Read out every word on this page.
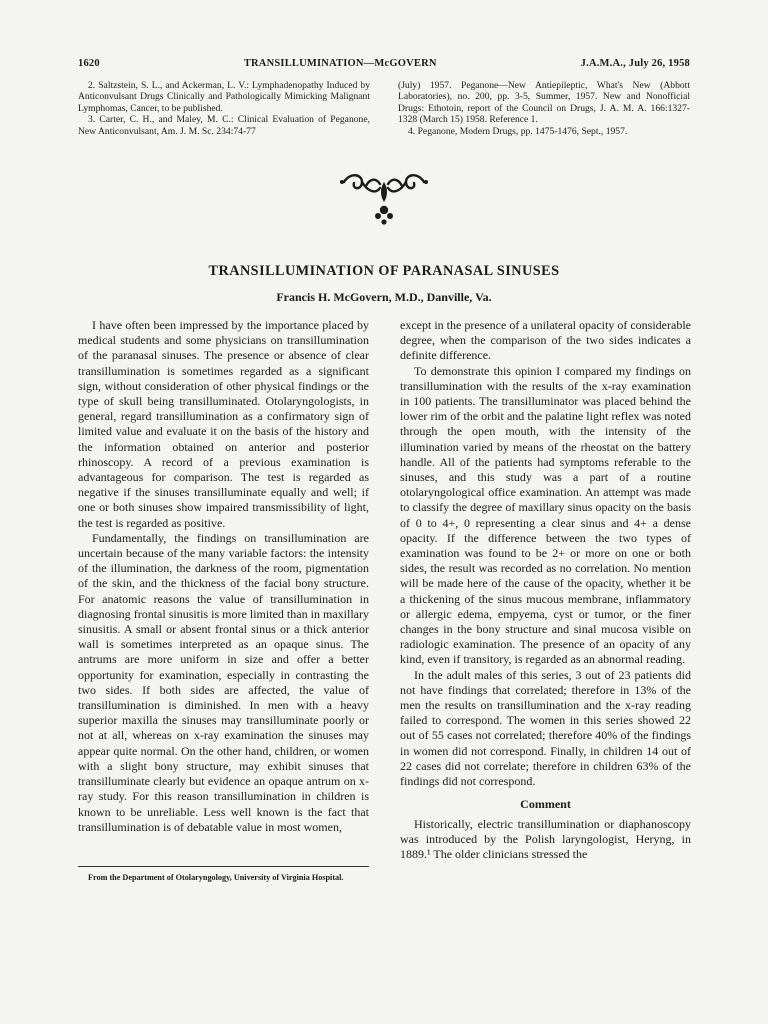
1620	TRANSILLUMINATION—McGOVERN	J.A.M.A., July 26, 1958

2. Saltzstein, S. L., and Ackerman, L. V.: Lymphadenopathy Induced by Anticonvulsant Drugs Clinically and Pathologically Mimicking Malignant Lymphomas, Cancer, to be published.

3. Carter, C. H., and Maley, M. C.: Clinical Evaluation of Peganone, New Anticonvulsant, Am. J. M. Sc. 234:74-77

(July) 1957. Peganone—New Antiepileptic, What's New (Abbott Laboratories), no. 200, pp. 3-5, Summer, 1957. New and Nonofficial Drugs: Ethotoin, report of the Council on Drugs, J. A. M. A. 166:1327-1328 (March 15) 1958. Reference 1.

4. Peganone, Modern Drugs, pp. 1475-1476, Sept., 1957.

TRANSILLUMINATION OF PARANASAL SINUSES
Francis H. McGovern, M.D., Danville, Va.

I have often been impressed by the importance placed by medical students and some physicians on transillumination of the paranasal sinuses. The presence or absence of clear transillumination is sometimes regarded as a significant sign, without consideration of other physical findings or the type of skull being transilluminated. Otolaryngologists, in general, regard transillumination as a confirmatory sign of limited value and evaluate it on the basis of the history and the information obtained on anterior and posterior rhinoscopy. A record of a previous examination is advantageous for comparison. The test is regarded as negative if the sinuses transilluminate equally and well; if one or both sinuses show impaired transmissibility of light, the test is regarded as positive.

Fundamentally, the findings on transillumination are uncertain because of the many variable factors: the intensity of the illumination, the darkness of the room, pigmentation of the skin, and the thickness of the facial bony structure. For anatomic reasons the value of transillumination in diagnosing frontal sinusitis is more limited than in maxillary sinusitis. A small or absent frontal sinus or a thick anterior wall is sometimes interpreted as an opaque sinus. The antrums are more uniform in size and offer a better opportunity for examination, especially in contrasting the two sides. If both sides are affected, the value of transillumination is diminished. In men with a heavy superior maxilla the sinuses may transilluminate poorly or not at all, whereas on x-ray examination the sinuses may appear quite normal. On the other hand, children, or women with a slight bony structure, may exhibit sinuses that transilluminate clearly but evidence an opaque antrum on x-ray study. For this reason transillumination in children is known to be unreliable. Less well known is the fact that transillumination is of debatable value in most women,

except in the presence of a unilateral opacity of considerable degree, when the comparison of the two sides indicates a definite difference.

To demonstrate this opinion I compared my findings on transillumination with the results of the x-ray examination in 100 patients. The transilluminator was placed behind the lower rim of the orbit and the palatine light reflex was noted through the open mouth, with the intensity of the illumination varied by means of the rheostat on the battery handle. All of the patients had symptoms referable to the sinuses, and this study was a part of a routine otolaryngological office examination. An attempt was made to classify the degree of maxillary sinus opacity on the basis of 0 to 4+, 0 representing a clear sinus and 4+ a dense opacity. If the difference between the two types of examination was found to be 2+ or more on one or both sides, the result was recorded as no correlation. No mention will be made here of the cause of the opacity, whether it be a thickening of the sinus mucous membrane, inflammatory or allergic edema, empyema, cyst or tumor, or the finer changes in the bony structure and sinal mucosa visible on radiologic examination. The presence of an opacity of any kind, even if transitory, is regarded as an abnormal reading.

In the adult males of this series, 3 out of 23 patients did not have findings that correlated; therefore in 13% of the men the results on transillumination and the x-ray reading failed to correspond. The women in this series showed 22 out of 55 cases not correlated; therefore 40% of the findings in women did not correspond. Finally, in children 14 out of 22 cases did not correlate; therefore in children 63% of the findings did not correspond.

Comment

Historically, electric transillumination or diaphanoscopy was introduced by the Polish laryngologist, Heryng, in 1889.¹ The older clinicians stressed the

From the Department of Otolaryngology, University of Virginia Hospital.
